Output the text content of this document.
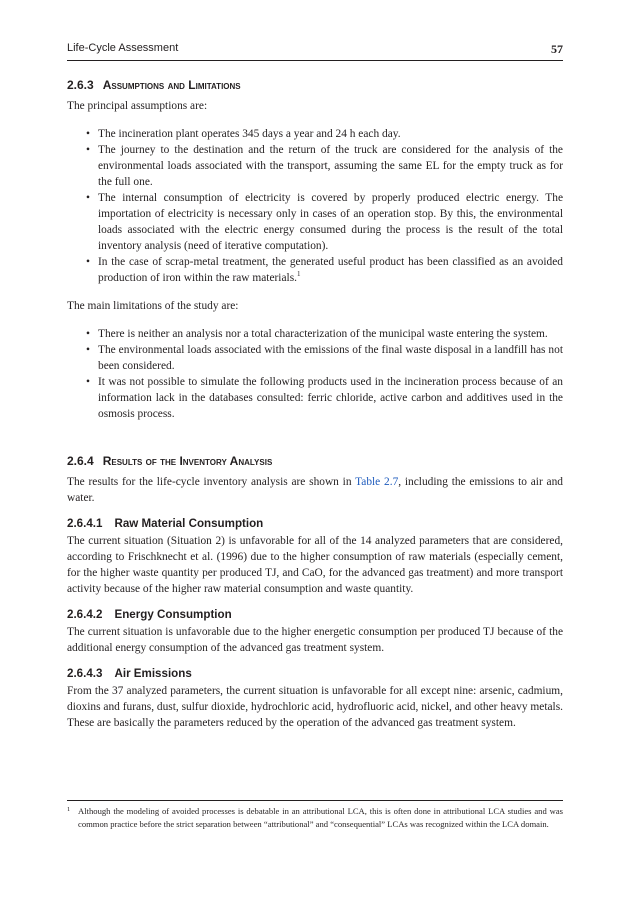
Life-Cycle Assessment	57
2.6.3 Assumptions and Limitations

The principal assumptions are:

• The incineration plant operates 345 days a year and 24 h each day.
• The journey to the destination and the return of the truck are considered for the analysis of the environmental loads associated with the transport, assuming the same EL for the empty truck as for the full one.
• The internal consumption of electricity is covered by properly produced electric energy. The importation of electricity is necessary only in cases of an operation stop. By this, the environmental loads associated with the electric energy consumed during the process is the result of the total inventory analysis (need of iterative computation).
• In the case of scrap-metal treatment, the generated useful product has been classified as an avoided production of iron within the raw materials.$^1$

The main limitations of the study are:

• There is neither an analysis nor a total characterization of the municipal waste entering the system.
• The environmental loads associated with the emissions of the final waste disposal in a landfill has not been considered.
• It was not possible to simulate the following products used in the incineration process because of an information lack in the databases consulted: ferric chloride, active carbon and additives used in the osmosis process.
2.6.4 Results of the Inventory Analysis

The results for the life-cycle inventory analysis are shown in Table 2.7, including the emissions to air and water.

2.6.4.1 Raw Material Consumption

The current situation (Situation 2) is unfavorable for all of the 14 analyzed parameters that are considered, according to Frischknecht et al. (1996) due to the higher consumption of raw materials (especially cement, for the higher waste quantity per produced TJ, and CaO, for the advanced gas treatment) and more transport activity because of the higher raw material consumption and waste quantity.

2.6.4.2 Energy Consumption

The current situation is unfavorable due to the higher energetic consumption per produced TJ because of the additional energy consumption of the advanced gas treatment system.

2.6.4.3 Air Emissions

From the 37 analyzed parameters, the current situation is unfavorable for all except nine: arsenic, cadmium, dioxins and furans, dust, sulfur dioxide, hydrochloric acid, hydrofluoric acid, nickel, and other heavy metals. These are basically the parameters reduced by the operation of the advanced gas treatment system.

1 Although the modeling of avoided processes is debatable in an attributional LCA, this is often done in attributional LCA studies and was common practice before the strict separation between “attributional” and “consequential” LCAs was recognized within the LCA domain.
